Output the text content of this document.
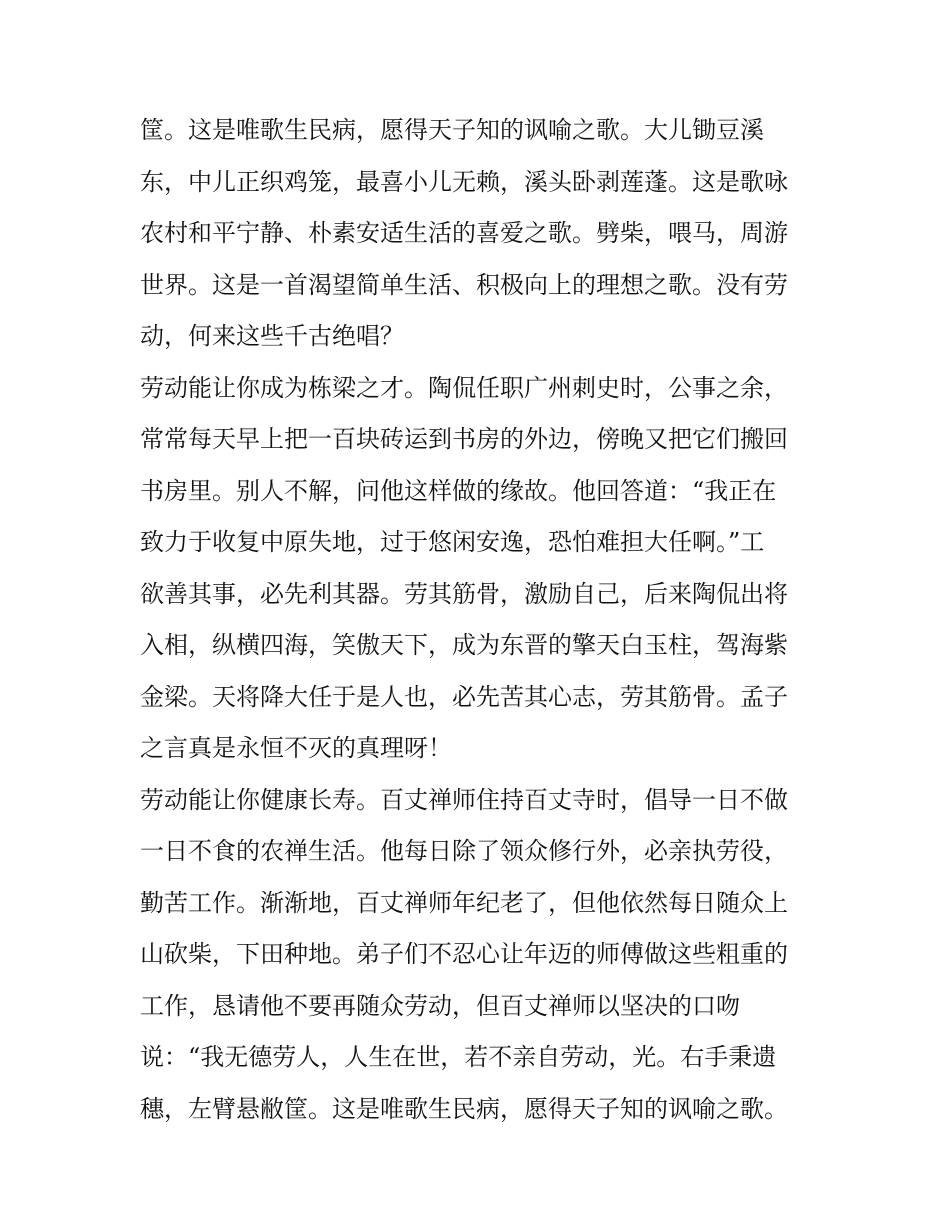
筐。这是唯歌生民病，愿得天子知的讽喻之歌。大儿锄豆溪
东，中儿正织鸡笼，最喜小儿无赖，溪头卧剥莲蓬。这是歌咏
农村和平宁静、朴素安适生活的喜爱之歌。劈柴，喂马，周游
世界。这是一首渴望简单生活、积极向上的理想之歌。没有劳
动，何来这些千古绝唱？
劳动能让你成为栋梁之才。陶侃任职广州刺史时，公事之余，
常常每天早上把一百块砖运到书房的外边，傍晚又把它们搬回
书房里。别人不解，问他这样做的缘故。他回答道：“我正在
致力于收复中原失地，过于悠闲安逸，恐怕难担大任啊。”工
欲善其事，必先利其器。劳其筋骨，激励自己，后来陶侃出将
入相，纵横四海，笑傲天下，成为东晋的擎天白玉柱，驾海紫
金梁。天将降大任于是人也，必先苦其心志，劳其筋骨。孟子
之言真是永恒不灭的真理呀！
劳动能让你健康长寿。百丈禅师住持百丈寺时，倡导一日不做
一日不食的农禅生活。他每日除了领众修行外，必亲执劳役，
勤苦工作。渐渐地，百丈禅师年纪老了，但他依然每日随众上
山砍柴，下田种地。弟子们不忍心让年迈的师傅做这些粗重的
工作，恳请他不要再随众劳动，但百丈禅师以坚决的口吻
说：“我无德劳人，人生在世，若不亲自劳动，光。右手秉遗
穗，左臂悬敝筐。这是唯歌生民病，愿得天子知的讽喻之歌。
